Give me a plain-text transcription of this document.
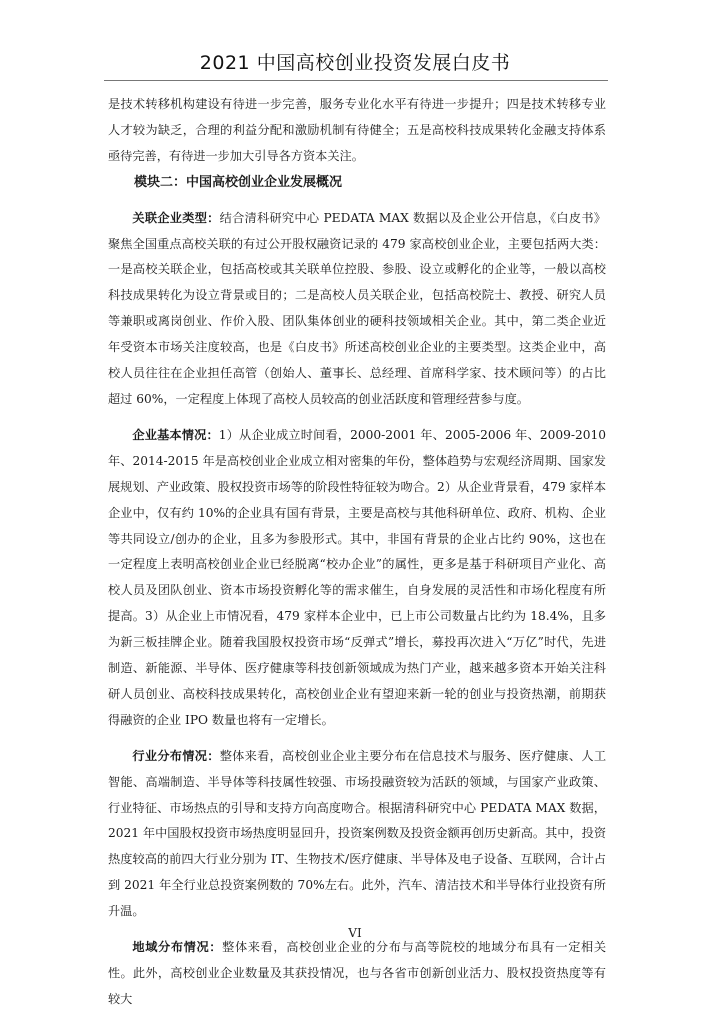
2021 中国高校创业投资发展白皮书

是技术转移机构建设有待进一步完善，服务专业化水平有待进一步提升；四是技术转移专业人才较为缺乏，合理的利益分配和激励机制有待健全；五是高校科技成果转化金融支持体系亟待完善，有待进一步加大引导各方资本关注。

模块二：中国高校创业企业发展概况

关联企业类型：结合清科研究中心 PEDATA MAX 数据以及企业公开信息，《白皮书》聚焦全国重点高校关联的有过公开股权融资记录的 479 家高校创业企业，主要包括两大类：一是高校关联企业，包括高校或其关联单位控股、参股、设立或孵化的企业等，一般以高校科技成果转化为设立背景或目的；二是高校人员关联企业，包括高校院士、教授、研究人员等兼职或离岗创业、作价入股、团队集体创业的硬科技领域相关企业。其中，第二类企业近年受资本市场关注度较高，也是《白皮书》所述高校创业企业的主要类型。这类企业中，高校人员往往在企业担任高管（创始人、董事长、总经理、首席科学家、技术顾问等）的占比超过 60%，一定程度上体现了高校人员较高的创业活跃度和管理经营参与度。

企业基本情况：1）从企业成立时间看，2000-2001 年、2005-2006 年、2009-2010 年、2014-2015 年是高校创业企业成立相对密集的年份，整体趋势与宏观经济周期、国家发展规划、产业政策、股权投资市场等的阶段性特征较为吻合。2）从企业背景看，479 家样本企业中，仅有约 10%的企业具有国有背景，主要是高校与其他科研单位、政府、机构、企业等共同设立/创办的企业，且多为参股形式。其中，非国有背景的企业占比约 90%，这也在一定程度上表明高校创业企业已经脱离“校办企业”的属性，更多是基于科研项目产业化、高校人员及团队创业、资本市场投资孵化等的需求催生，自身发展的灵活性和市场化程度有所提高。3）从企业上市情况看，479 家样本企业中，已上市公司数量占比约为 18.4%，且多为新三板挂牌企业。随着我国股权投资市场“反弹式”增长，募投再次进入“万亿”时代，先进制造、新能源、半导体、医疗健康等科技创新领域成为热门产业，越来越多资本开始关注科研人员创业、高校科技成果转化，高校创业企业有望迎来新一轮的创业与投资热潮，前期获得融资的企业 IPO 数量也将有一定增长。

行业分布情况：整体来看，高校创业企业主要分布在信息技术与服务、医疗健康、人工智能、高端制造、半导体等科技属性较强、市场投融资较为活跃的领域，与国家产业政策、行业特征、市场热点的引导和支持方向高度吻合。根据清科研究中心 PEDATA MAX 数据，2021 年中国股权投资市场热度明显回升，投资案例数及投资金额再创历史新高。其中，投资热度较高的前四大行业分别为 IT、生物技术/医疗健康、半导体及电子设备、互联网，合计占到 2021 年全行业总投资案例数的 70%左右。此外，汽车、清洁技术和半导体行业投资有所升温。

地域分布情况：整体来看，高校创业企业的分布与高等院校的地域分布具有一定相关性。此外，高校创业企业数量及其获投情况，也与各省市创新创业活力、股权投资热度等有较大

VI
